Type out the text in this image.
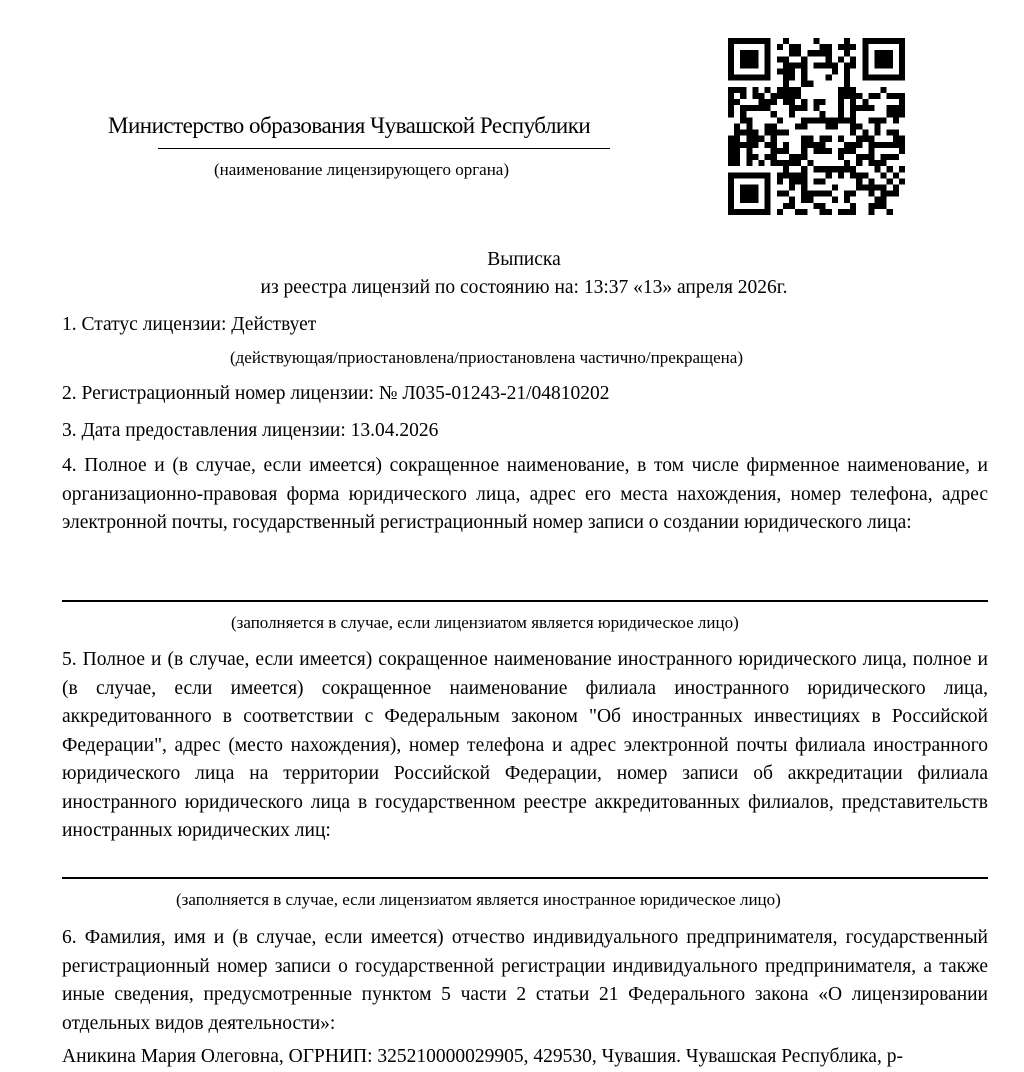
Министерство образования Чувашской Республики
(наименование лицензирующего органа)
Выписка
из реестра лицензий по состоянию на: 13:37 «13» апреля 2026г.
1. Статус лицензии: Действует
(действующая/приостановлена/приостановлена частично/прекращена)
2. Регистрационный номер лицензии: № Л035-01243-21/04810202
3. Дата предоставления лицензии: 13.04.2026
4. Полное и (в случае, если имеется) сокращенное наименование, в том числе фирменное наименование, и организационно-правовая форма юридического лица, адрес его места нахождения, номер телефона, адрес электронной почты, государственный регистрационный номер записи о создании юридического лица:
(заполняется в случае, если лицензиатом является юридическое лицо)
5. Полное и (в случае, если имеется) сокращенное наименование иностранного юридического лица, полное и (в случае, если имеется) сокращенное наименование филиала иностранного юридического лица, аккредитованного в соответствии с Федеральным законом "Об иностранных инвестициях в Российской Федерации", адрес (место нахождения), номер телефона и адрес электронной почты филиала иностранного юридического лица на территории Российской Федерации, номер записи об аккредитации филиала иностранного юридического лица в государственном реестре аккредитованных филиалов, представительств иностранных юридических лиц:
(заполняется в случае, если лицензиатом является иностранное юридическое лицо)
6. Фамилия, имя и (в случае, если имеется) отчество индивидуального предпринимателя, государственный регистрационный номер записи о государственной регистрации индивидуального предпринимателя, а также иные сведения, предусмотренные пунктом 5 части 2 статьи 21 Федерального закона «О лицензировании отдельных видов деятельности»:
Аникина Мария Олеговна, ОГРНИП: 325210000029905, 429530, Чувашия. Чувашская Республика, р-
